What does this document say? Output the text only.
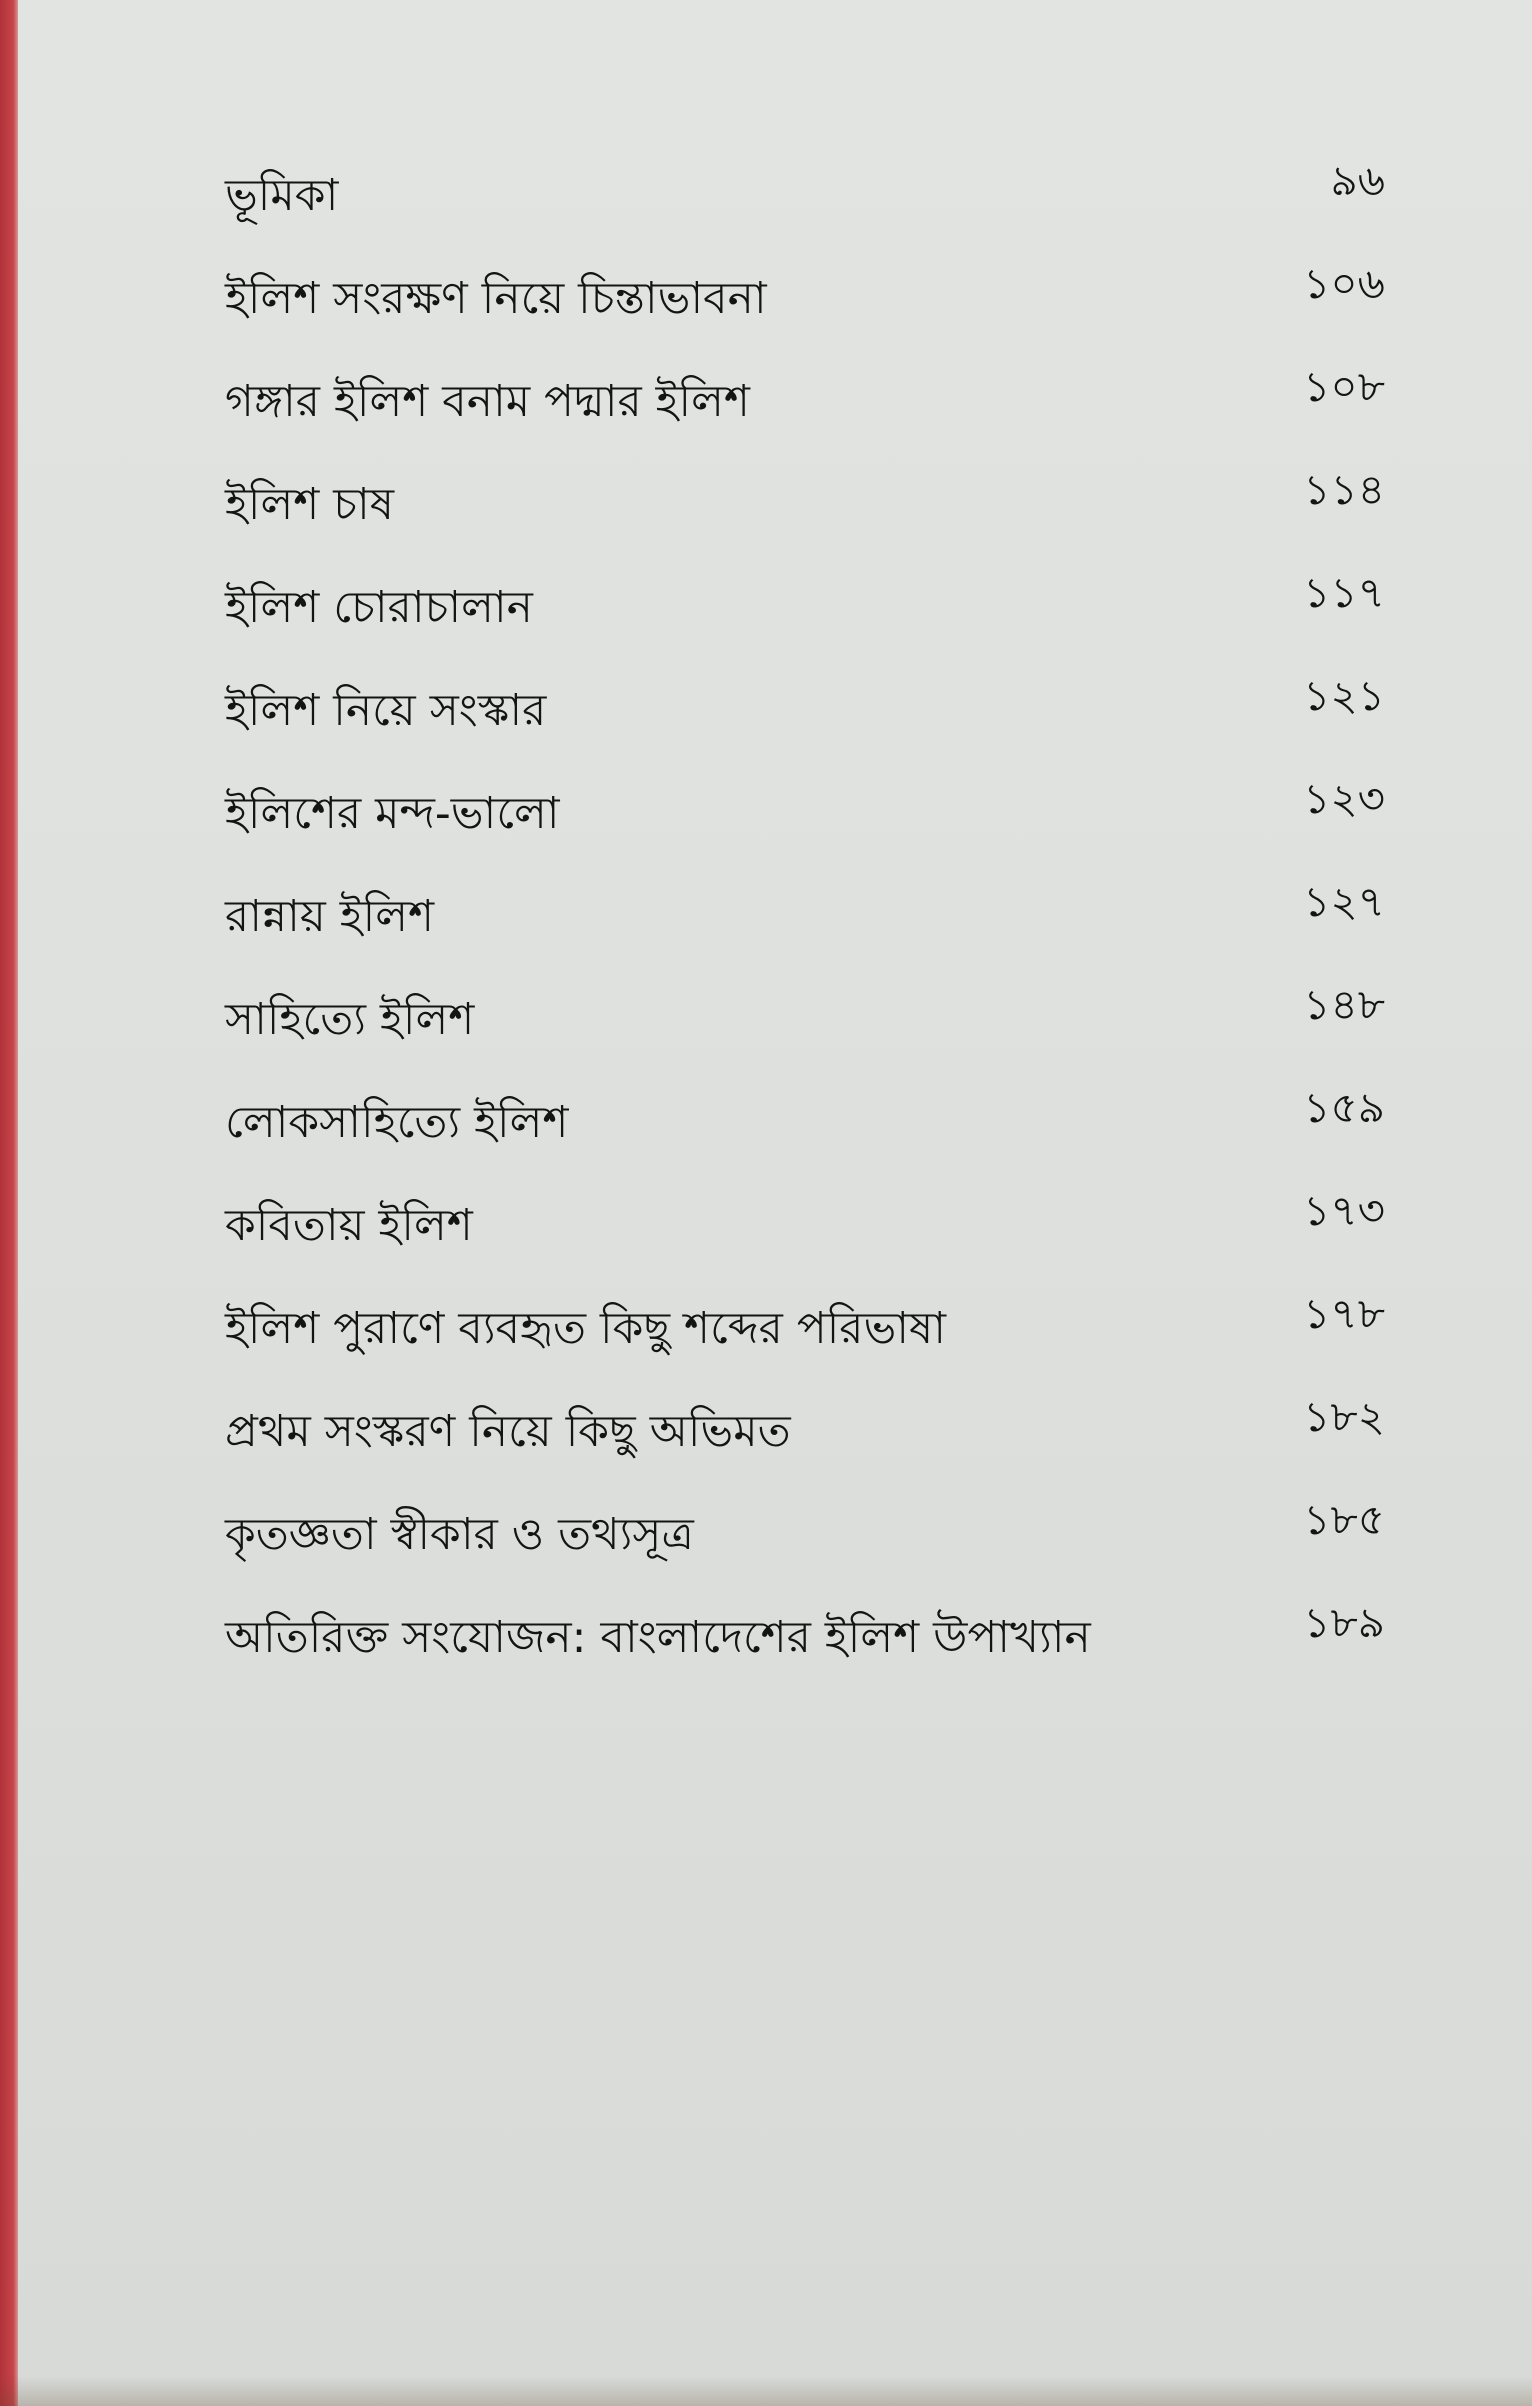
ভূমিকা	৯৬
ইলিশ সংরক্ষণ নিয়ে চিন্তাভাবনা	১০৬
গঙ্গার ইলিশ বনাম পদ্মার ইলিশ	১০৮
ইলিশ চাষ	১১৪
ইলিশ চোরাচালান	১১৭
ইলিশ নিয়ে সংস্কার	১২১
ইলিশের মন্দ-ভালো	১২৩
রান্নায় ইলিশ	১২৭
সাহিত্যে ইলিশ	১৪৮
লোকসাহিত্যে ইলিশ	১৫৯
কবিতায় ইলিশ	১৭৩
ইলিশ পুরাণে ব্যবহৃত কিছু শব্দের পরিভাষা	১৭৮
প্রথম সংস্করণ নিয়ে কিছু অভিমত	১৮২
কৃতজ্ঞতা স্বীকার ও তথ্যসূত্র	১৮৫
অতিরিক্ত সংযোজন: বাংলাদেশের ইলিশ উপাখ্যান	১৮৯
